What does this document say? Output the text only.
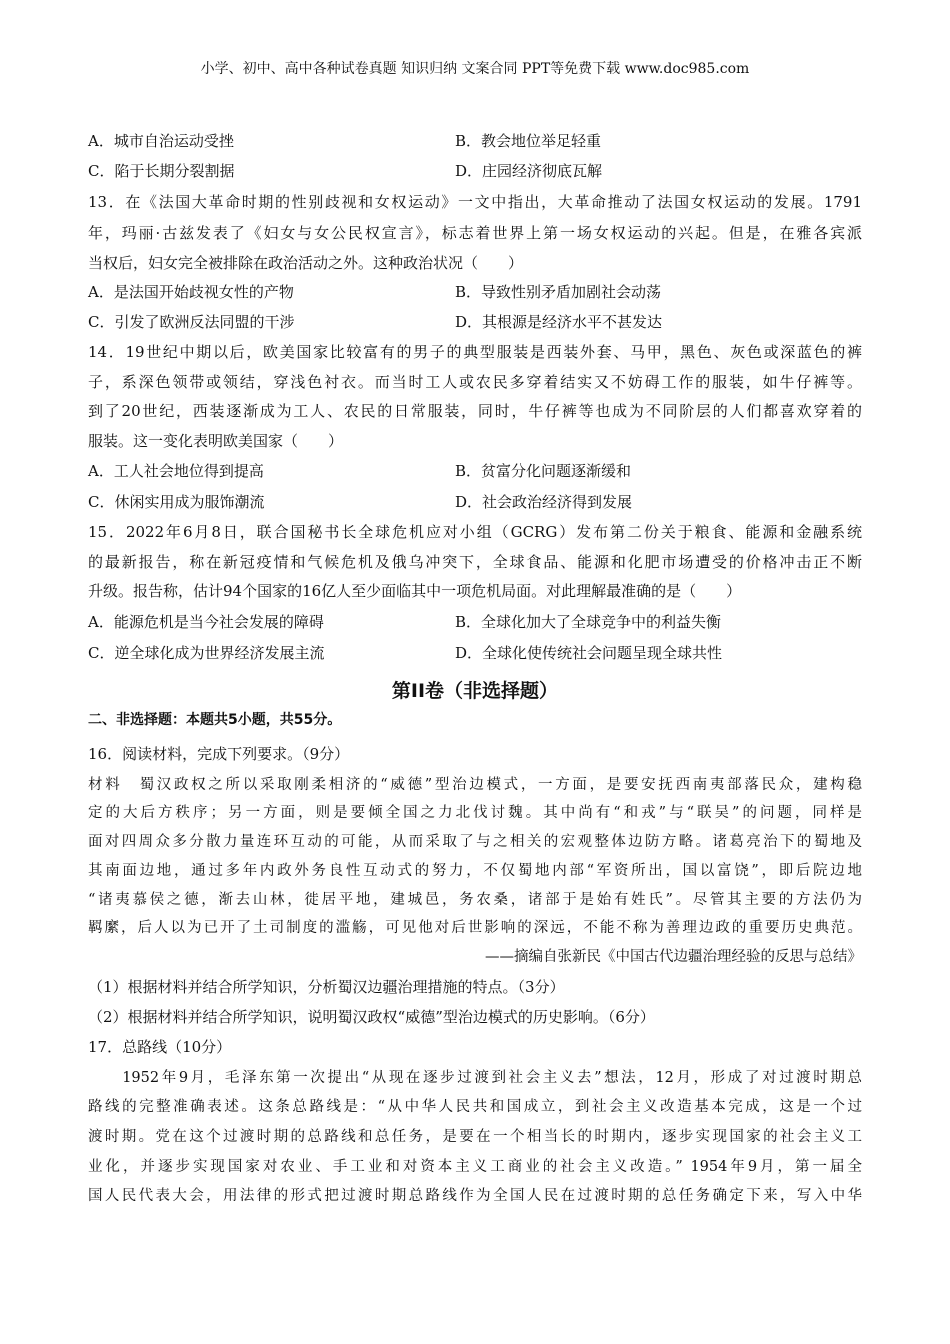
小学、初中、高中各种试卷真题 知识归纳 文案合同 PPT等免费下载 www.doc985.com
A．城市自治运动受挫	B．教会地位举足轻重
C．陷于长期分裂割据	D．庄园经济彻底瓦解
13．在《法国大革命时期的性别歧视和女权运动》一文中指出，大革命推动了法国女权运动的发展。1791
年，玛丽·古兹发表了《妇女与女公民权宣言》，标志着世界上第一场女权运动的兴起。但是，在雅各宾派
当权后，妇女完全被排除在政治活动之外。这种政治状况（　　）
A．是法国开始歧视女性的产物	B．导致性别矛盾加剧社会动荡
C．引发了欧洲反法同盟的干涉	D．其根源是经济水平不甚发达
14．19世纪中期以后，欧美国家比较富有的男子的典型服装是西装外套、马甲，黑色、灰色或深蓝色的裤
子，系深色领带或领结，穿浅色衬衣。而当时工人或农民多穿着结实又不妨碍工作的服装，如牛仔裤等。
到了20世纪，西装逐渐成为工人、农民的日常服装，同时，牛仔裤等也成为不同阶层的人们都喜欢穿着的
服装。这一变化表明欧美国家（　　）
A．工人社会地位得到提高	B．贫富分化问题逐渐缓和
C．休闲实用成为服饰潮流	D．社会政治经济得到发展
15．2022年6月8日，联合国秘书长全球危机应对小组（GCRG）发布第二份关于粮食、能源和金融系统
的最新报告，称在新冠疫情和气候危机及俄乌冲突下，全球食品、能源和化肥市场遭受的价格冲击正不断
升级。报告称，估计94个国家的16亿人至少面临其中一项危机局面。对此理解最准确的是（　　）
A．能源危机是当今社会发展的障碍	B．全球化加大了全球竞争中的利益失衡
C．逆全球化成为世界经济发展主流	D．全球化使传统社会问题呈现全球共性
第II卷（非选择题）
二、非选择题：本题共5小题，共55分。
16．阅读材料，完成下列要求。（9分）
材料　蜀汉政权之所以采取刚柔相济的“威德”型治边模式，一方面，是要安抚西南夷部落民众，建构稳
定的大后方秩序；另一方面，则是要倾全国之力北伐讨魏。其中尚有“和戎”与“联吴”的问题，同样是
面对四周众多分散力量连环互动的可能，从而采取了与之相关的宏观整体边防方略。诸葛亮治下的蜀地及
其南面边地，通过多年内政外务良性互动式的努力，不仅蜀地内部“军资所出，国以富饶”，即后院边地
“诸夷慕侯之德，渐去山林，徙居平地，建城邑，务农桑，诸部于是始有姓氏”。尽管其主要的方法仍为
羁縻，后人以为已开了土司制度的滥觞，可见他对后世影响的深远，不能不称为善理边政的重要历史典范。
——摘编自张新民《中国古代边疆治理经验的反思与总结》
（1）根据材料并结合所学知识，分析蜀汉边疆治理措施的特点。（3分）
（2）根据材料并结合所学知识，说明蜀汉政权“威德”型治边模式的历史影响。（6分）
17．总路线（10分）
　　1952年9月，毛泽东第一次提出“从现在逐步过渡到社会主义去”想法，12月，形成了对过渡时期总
路线的完整准确表述。这条总路线是：“从中华人民共和国成立，到社会主义改造基本完成，这是一个过
渡时期。党在这个过渡时期的总路线和总任务，是要在一个相当长的时期内，逐步实现国家的社会主义工
业化，并逐步实现国家对农业、手工业和对资本主义工商业的社会主义改造。” 1954年9月，第一届全
国人民代表大会，用法律的形式把过渡时期总路线作为全国人民在过渡时期的总任务确定下来，写入中华
